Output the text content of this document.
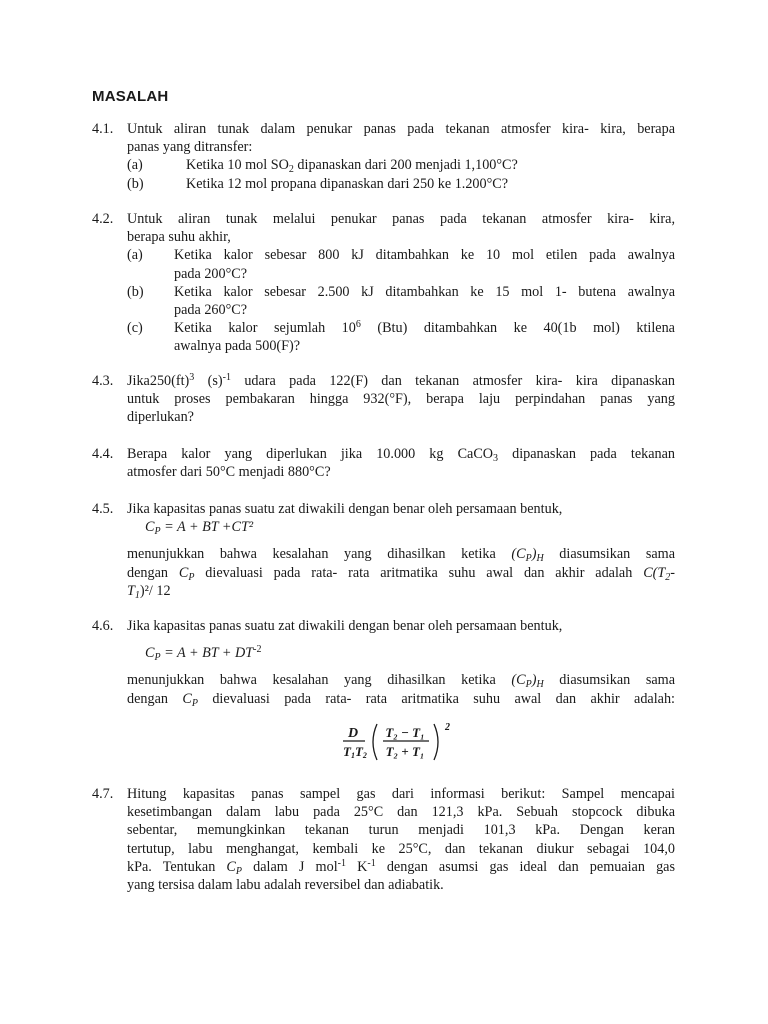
MASALAH
4.1. Untuk aliran tunak dalam penukar panas pada tekanan atmosfer kira- kira, berapa
panas yang ditransfer:
(a)	Ketika 10 mol $SO_2$ dipanaskan dari 200 menjadi 1,100°C?
(b)	Ketika 12 mol propana dipanaskan dari 250 ke 1.200°C?
4.2. Untuk aliran tunak melalui penukar panas pada tekanan atmosfer kira- kira,
berapa suhu akhir,
(a) Ketika kalor sebesar 800 kJ ditambahkan ke 10 mol etilen pada awalnya
pada 200°C?
(b) Ketika kalor sebesar 2.500 kJ ditambahkan ke 15 mol 1- butena awalnya
pada 260°C?
(c) Ketika kalor sejumlah $10^6$ (Btu) ditambahkan ke 40(1b mol) ktilena
awalnya pada 500(F)?
4.3. Jika250(ft)$^3$ $(s)^{-1}$ udara pada 122(F) dan tekanan atmosfer kira- kira dipanaskan
untuk proses pembakaran hingga 932(°F), berapa laju perpindahan panas yang
diperlukan?
4.4. Berapa kalor yang diperlukan jika 10.000 kg CaCO$_3$ dipanaskan pada tekanan
atmosfer dari 50°C menjadi 880°C?
4.5. Jika kapasitas panas suatu zat diwakili dengan benar oleh persamaan bentuk,
$C_P = A$ + BT +CT²
menunjukkan bahwa kesalahan yang dihasilkan ketika $(C_P)_H$ diasumsikan sama
dengan $C_P$ dievaluasi pada rata- rata aritmatika suhu awal dan akhir adalah $C(T_2-$
$T_1)^2/$ 12
4.6. Jika kapasitas panas suatu zat diwakili dengan benar oleh persamaan bentuk,
$C_P = A$ + BT + $DT^{-2}$
menunjukkan bahwa kesalahan yang dihasilkan ketika $(C_P)_H$ diasumsikan sama
dengan $C_P$ dievaluasi pada rata- rata aritmatika suhu awal dan akhir adalah:
D
T1T2
T₂ − T₁
T₂ + T₁
2
4.7. Hitung kapasitas panas sampel gas dari informasi berikut: Sampel mencapai
kesetimbangan dalam labu pada 25°C dan 121,3 kPa. Sebuah stopcock dibuka
sebentar, memungkinkan tekanan turun menjadi 101,3 kPa. Dengan keran
tertutup, labu menghangat, kembali ke 25°C, dan tekanan diukur sebagai 104,0
kPa. Tentukan $C_P$ dalam J mol$^{-1}$ $K^{-1}$ dengan asumsi gas ideal dan pemuaian gas
yang tersisa dalam labu adalah reversibel dan adiabatik.
